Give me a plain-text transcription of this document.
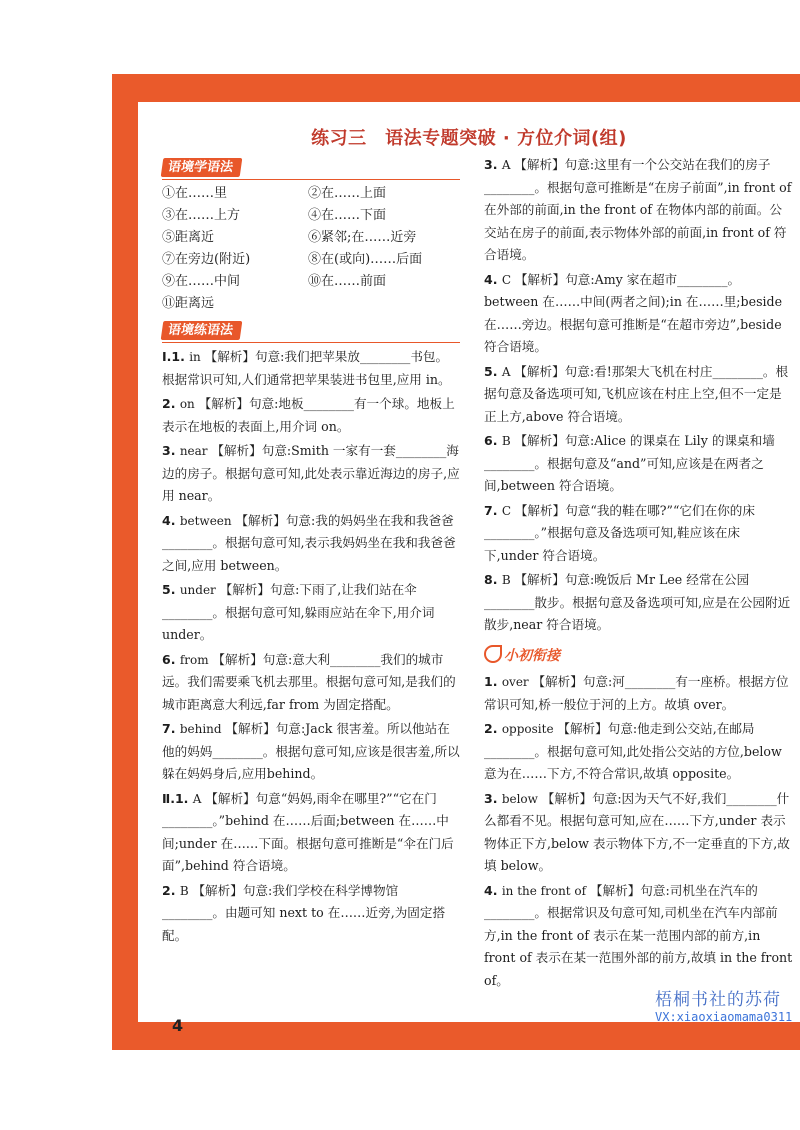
练习三　语法专题突破 · 方位介词(组)
语境学语法
①在……里	②在……上面
③在……上方	④在……下面
⑤距离近	⑥紧邻;在……近旁
⑦在旁边(附近)	⑧在(或向)……后面
⑨在……中间	⑩在……前面
⑪距离远
语境练语法
Ⅰ.1. in 【解析】句意:我们把苹果放________书包。根据常识可知,人们通常把苹果装进书包里,应用 in。
2. on 【解析】句意:地板________有一个球。地板上表示在地板的表面上,用介词 on。
3. near 【解析】句意:Smith 一家有一套________海边的房子。根据句意可知,此处表示靠近海边的房子,应用 near。
4. between 【解析】句意:我的妈妈坐在我和我爸爸________。根据句意可知,表示我妈妈坐在我和我爸爸之间,应用 between。
5. under 【解析】句意:下雨了,让我们站在伞________。根据句意可知,躲雨应站在伞下,用介词 under。
6. from 【解析】句意:意大利________我们的城市远。我们需要乘飞机去那里。根据句意可知,是我们的城市距离意大利远,far from 为固定搭配。
7. behind 【解析】句意:Jack 很害羞。所以他站在他的妈妈________。根据句意可知,应该是很害羞,所以躲在妈妈身后,应用behind。
Ⅱ.1. A 【解析】句意“妈妈,雨伞在哪里?”“它在门________。”behind 在……后面;between 在……中间;under 在……下面。根据句意可推断是“伞在门后面”,behind 符合语境。
2. B 【解析】句意:我们学校在科学博物馆________。由题可知 next to 在……近旁,为固定搭配。
3. A 【解析】句意:这里有一个公交站在我们的房子________。根据句意可推断是“在房子前面”,in front of 在外部的前面,in the front of 在物体内部的前面。公交站在房子的前面,表示物体外部的前面,in front of 符合语境。
4. C 【解析】句意:Amy 家在超市________。between 在……中间(两者之间);in 在……里;beside 在……旁边。根据句意可推断是“在超市旁边”,beside 符合语境。
5. A 【解析】句意:看!那架大飞机在村庄________。根据句意及备选项可知,飞机应该在村庄上空,但不一定是正上方,above 符合语境。
6. B 【解析】句意:Alice 的课桌在 Lily 的课桌和墙________。根据句意及“and”可知,应该是在两者之间,between 符合语境。
7. C 【解析】句意“我的鞋在哪?”“它们在你的床________。”根据句意及备选项可知,鞋应该在床下,under 符合语境。
8. B 【解析】句意:晚饭后 Mr Lee 经常在公园________散步。根据句意及备选项可知,应是在公园附近散步,near 符合语境。
小初衔接
1. over 【解析】句意:河________有一座桥。根据方位常识可知,桥一般位于河的上方。故填 over。
2. opposite 【解析】句意:他走到公交站,在邮局________。根据句意可知,此处指公交站的方位,below 意为在……下方,不符合常识,故填 opposite。
3. below 【解析】句意:因为天气不好,我们________什么都看不见。根据句意可知,应在……下方,under 表示物体正下方,below 表示物体下方,不一定垂直的下方,故填 below。
4. in the front of 【解析】句意:司机坐在汽车的________。根据常识及句意可知,司机坐在汽车内部前方,in the front of 表示在某一范围内部的前方,in front of 表示在某一范围外部的前方,故填 in the front of。
4
梧桐书社的苏荷
VX:xiaoxiaomama0311
